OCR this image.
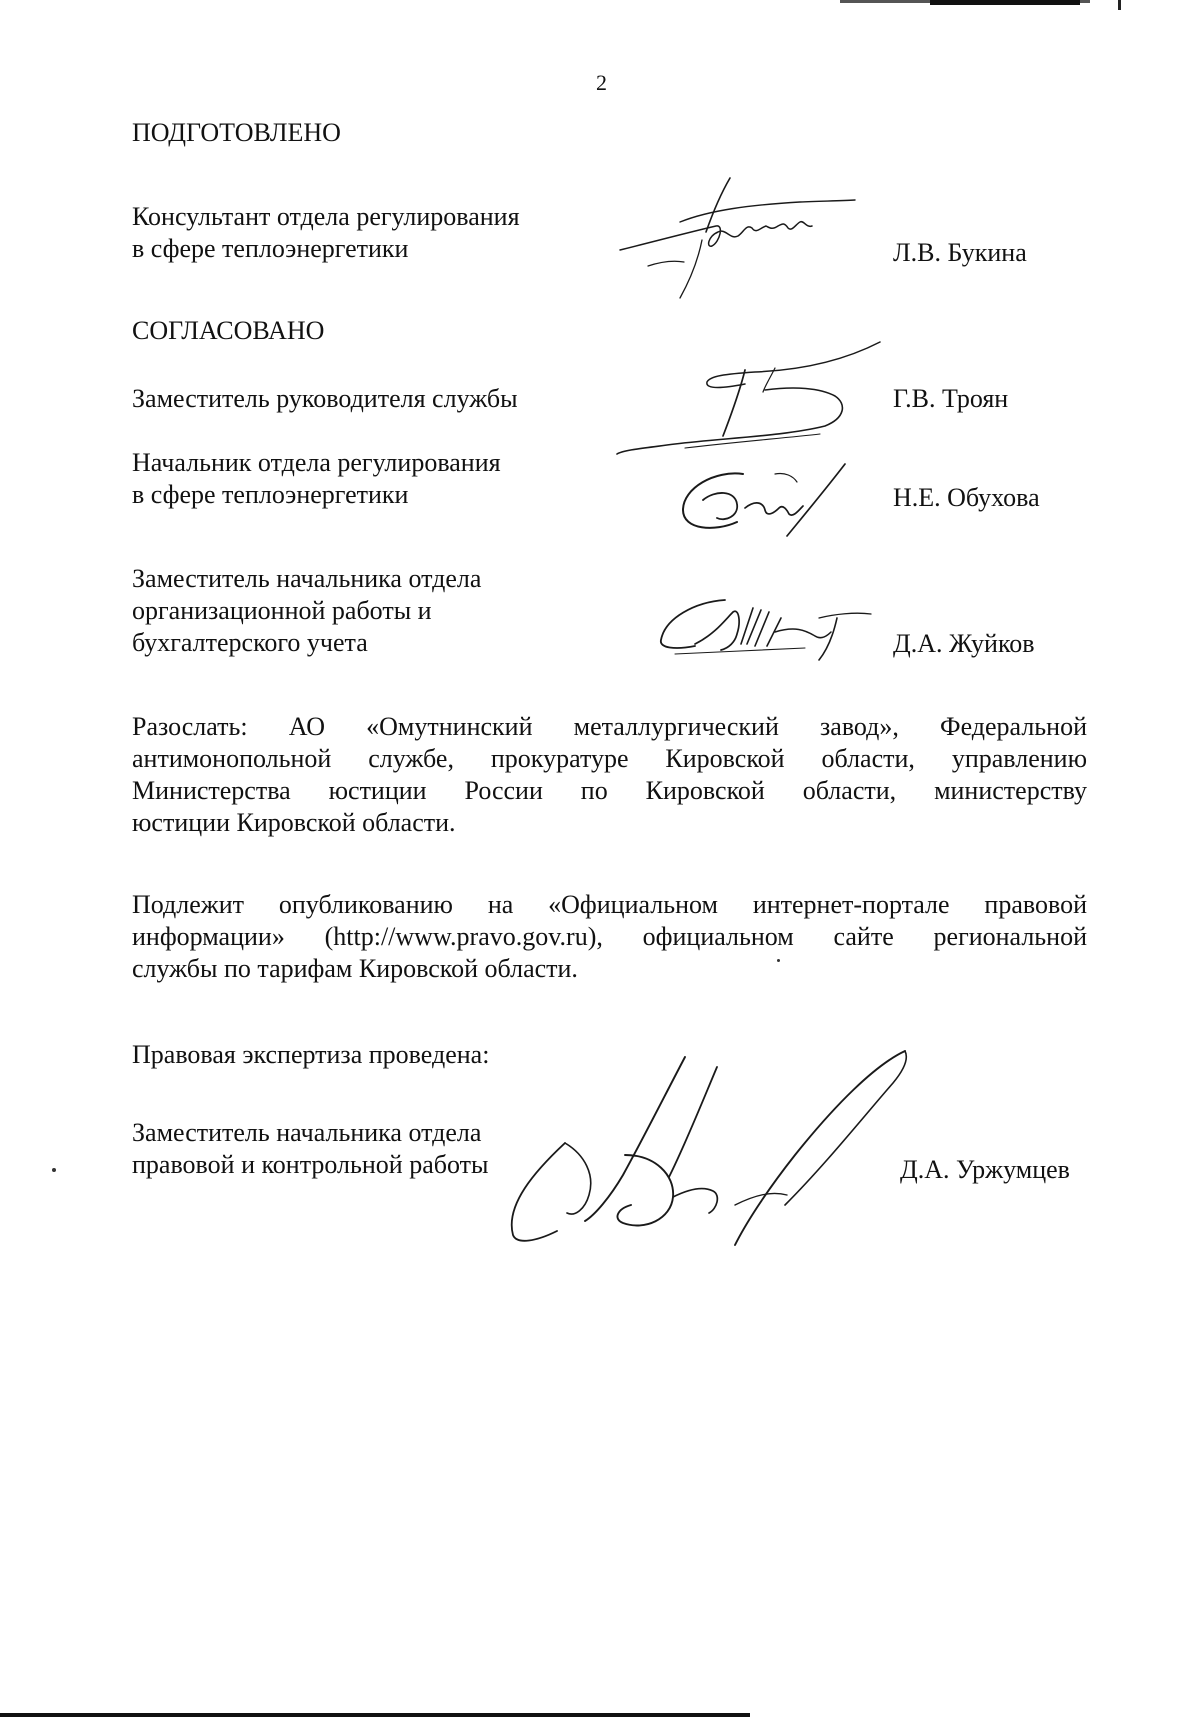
2
ПОДГОТОВЛЕНО
Консультант отдела регулирования
в сфере теплоэнергетики	Л.В. Букина
СОГЛАСОВАНО
Заместитель руководителя службы	Г.В. Троян
Начальник отдела регулирования
в сфере теплоэнергетики	Н.Е. Обухова
Заместитель начальника отдела
организационной работы и
бухгалтерского учета	Д.А. Жуйков
Разослать: АО «Омутнинский металлургический завод», Федеральной
антимонопольной службе, прокуратуре Кировской области, управлению
Министерства юстиции России по Кировской области, министерству
юстиции Кировской области.
Подлежит опубликованию на «Официальном интернет-портале правовой
информации» (http://www.pravo.gov.ru), официальном сайте региональной
службы по тарифам Кировской области.
Правовая экспертиза проведена:
Заместитель начальника отдела
правовой и контрольной работы	Д.А. Уржумцев
